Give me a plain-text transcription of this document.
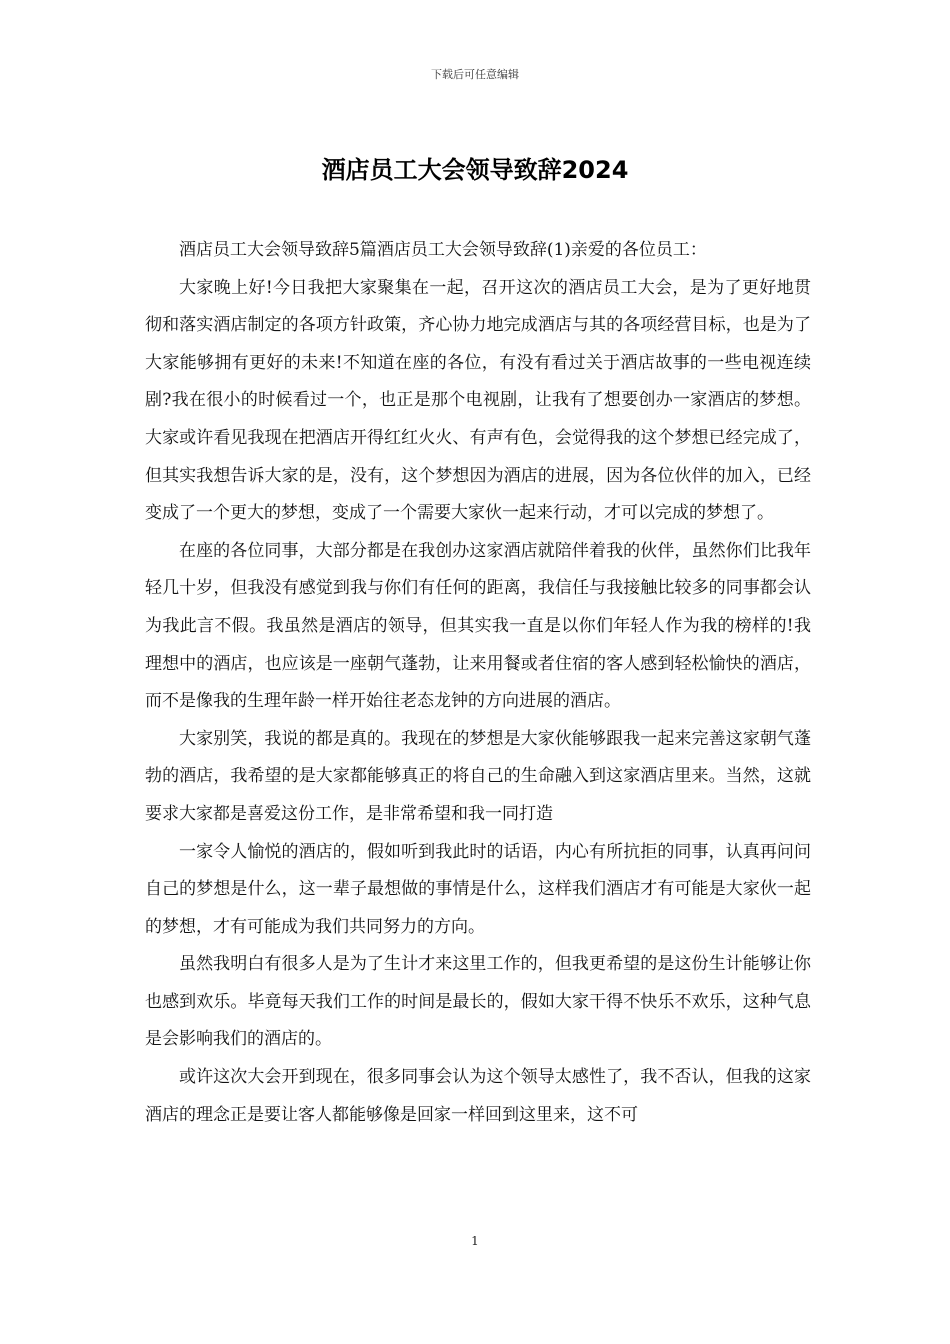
下载后可任意编辑
酒店员工大会领导致辞2024

酒店员工大会领导致辞5篇酒店员工大会领导致辞(1)亲爱的各位员工：

大家晚上好!今日我把大家聚集在一起，召开这次的酒店员工大会，是为了更好地贯彻和落实酒店制定的各项方针政策，齐心协力地完成酒店与其的各项经营目标，也是为了大家能够拥有更好的未来!不知道在座的各位，有没有看过关于酒店故事的一些电视连续剧?我在很小的时候看过一个，也正是那个电视剧，让我有了想要创办一家酒店的梦想。大家或许看见我现在把酒店开得红红火火、有声有色，会觉得我的这个梦想已经完成了，但其实我想告诉大家的是，没有，这个梦想因为酒店的进展，因为各位伙伴的加入，已经变成了一个更大的梦想，变成了一个需要大家伙一起来行动，才可以完成的梦想了。

在座的各位同事，大部分都是在我创办这家酒店就陪伴着我的伙伴，虽然你们比我年轻几十岁，但我没有感觉到我与你们有任何的距离，我信任与我接触比较多的同事都会认为我此言不假。我虽然是酒店的领导，但其实我一直是以你们年轻人作为我的榜样的!我理想中的酒店，也应该是一座朝气蓬勃，让来用餐或者住宿的客人感到轻松愉快的酒店，而不是像我的生理年龄一样开始往老态龙钟的方向进展的酒店。

大家别笑，我说的都是真的。我现在的梦想是大家伙能够跟我一起来完善这家朝气蓬勃的酒店，我希望的是大家都能够真正的将自己的生命融入到这家酒店里来。当然，这就要求大家都是喜爱这份工作，是非常希望和我一同打造

一家令人愉悦的酒店的，假如听到我此时的话语，内心有所抗拒的同事，认真再问问自己的梦想是什么，这一辈子最想做的事情是什么，这样我们酒店才有可能是大家伙一起的梦想，才有可能成为我们共同努力的方向。

虽然我明白有很多人是为了生计才来这里工作的，但我更希望的是这份生计能够让你也感到欢乐。毕竟每天我们工作的时间是最长的，假如大家干得不快乐不欢乐，这种气息是会影响我们的酒店的。

或许这次大会开到现在，很多同事会认为这个领导太感性了，我不否认，但我的这家酒店的理念正是要让客人都能够像是回家一样回到这里来，这不可

1
